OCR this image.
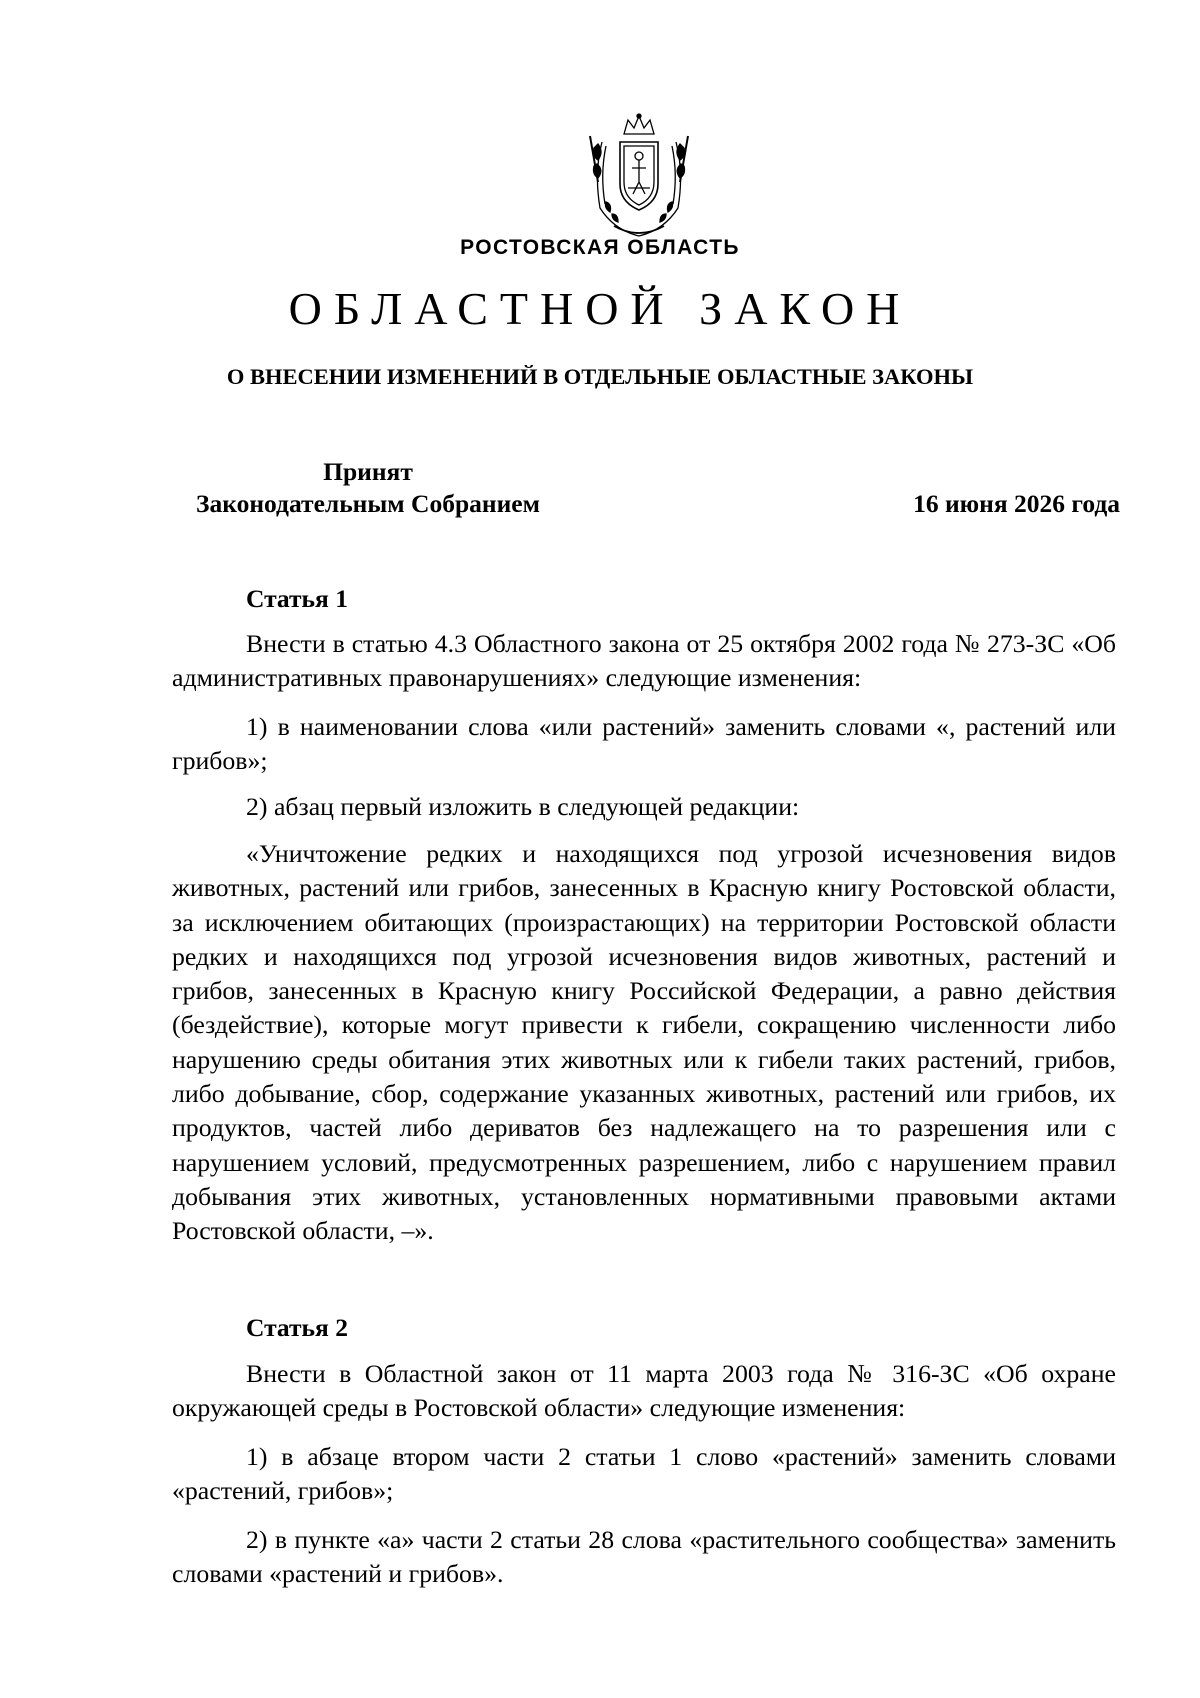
РОСТОВСКАЯ ОБЛАСТЬ
ОБЛАСТНОЙ ЗАКОН
О ВНЕСЕНИИ ИЗМЕНЕНИЙ В ОТДЕЛЬНЫЕ ОБЛАСТНЫЕ ЗАКОНЫ
Принят
Законодательным Собранием	16 июня 2026 года
Статья 1

Внести в статью 4.3 Областного закона от 25 октября 2002 года № 273-ЗС «Об административных правонарушениях» следующие изменения:

1) в наименовании слова «или растений» заменить словами «, растений или грибов»;

2) абзац первый изложить в следующей редакции:

«Уничтожение редких и находящихся под угрозой исчезновения видов животных, растений или грибов, занесенных в Красную книгу Ростовской области, за исключением обитающих (произрастающих) на территории Ростовской области редких и находящихся под угрозой исчезновения видов животных, растений и грибов, занесенных в Красную книгу Российской Федерации, а равно действия (бездействие), которые могут привести к гибели, сокращению численности либо нарушению среды обитания этих животных или к гибели таких растений, грибов, либо добывание, сбор, содержание указанных животных, растений или грибов, их продуктов, частей либо дериватов без надлежащего на то разрешения или с нарушением условий, предусмотренных разрешением, либо с нарушением правил добывания этих животных, установленных нормативными правовыми актами Ростовской области, –».

Статья 2

Внести в Областной закон от 11 марта 2003 года № 316-ЗС «Об охране окружающей среды в Ростовской области» следующие изменения:

1) в абзаце втором части 2 статьи 1 слово «растений» заменить словами «растений, грибов»;

2) в пункте «а» части 2 статьи 28 слова «растительного сообщества» заменить словами «растений и грибов».
